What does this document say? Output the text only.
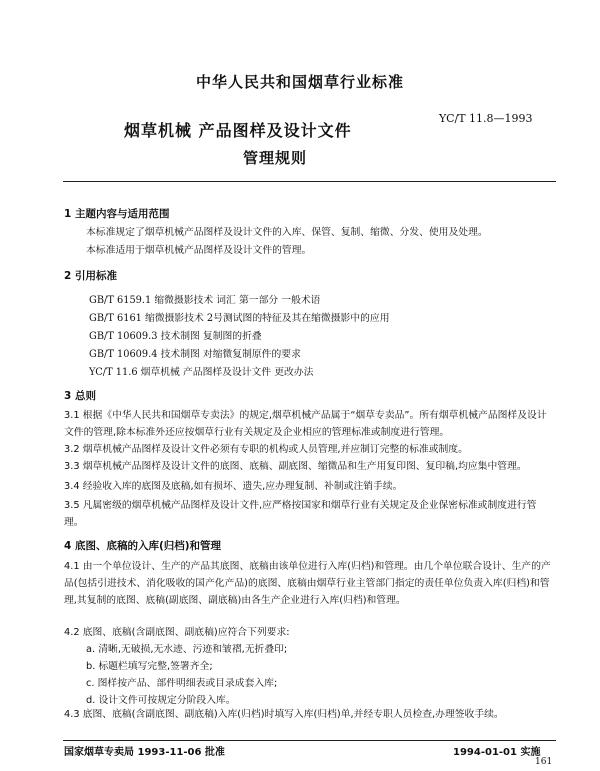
中华人民共和国烟草行业标准
烟草机械 产品图样及设计文件
YC/T 11.8—1993
管理规则
1 主题内容与适用范围
本标准规定了烟草机械产品图样及设计文件的入库、保管、复制、缩微、分发、使用及处理。
本标准适用于烟草机械产品图样及设计文件的管理。
2 引用标准
GB/T 6159.1 缩微摄影技术 词汇 第一部分 一般术语
GB/T 6161 缩微摄影技术 2号测试图的特征及其在缩微摄影中的应用
GB/T 10609.3 技术制图 复制图的折叠
GB/T 10609.4 技术制图 对缩微复制原件的要求
YC/T 11.6 烟草机械 产品图样及设计文件 更改办法
3 总则
3.1 根据《中华人民共和国烟草专卖法》的规定,烟草机械产品属于“烟草专卖品”。所有烟草机械产品图样及设计文件的管理,除本标准外还应按烟草行业有关规定及企业相应的管理标准或制度进行管理。
3.2 烟草机械产品图样及设计文件必须有专职的机构或人员管理,并应制订完整的标准或制度。
3.3 烟草机械产品图样及设计文件的底图、底稿、副底图、缩微品和生产用复印图、复印稿,均应集中管理。
3.4 经验收入库的底图及底稿,如有损坏、遗失,应办理复制、补制或注销手续。
3.5 凡属密级的烟草机械产品图样及设计文件,应严格按国家和烟草行业有关规定及企业保密标准或制度进行管理。
4 底图、底稿的入库(归档)和管理
4.1 由一个单位设计、生产的产品其底图、底稿由该单位进行入库(归档)和管理。由几个单位联合设计、生产的产品(包括引进技术、消化吸收的国产化产品)的底图、底稿由烟草行业主管部门指定的责任单位负责入库(归档)和管理,其复制的底图、底稿(副底图、副底稿)由各生产企业进行入库(归档)和管理。
4.2 底图、底稿(含副底图、副底稿)应符合下列要求:
a. 清晰,无破损,无水迹、污迹和皱褶,无折叠印;
b. 标题栏填写完整,签署齐全;
c. 图样按产品、部件明细表或目录成套入库;
d. 设计文件可按规定分阶段入库。
4.3 底图、底稿(含副底图、副底稿)入库(归档)时填写入库(归档)单,并经专职人员检查,办理签收手续。
国家烟草专卖局 1993-11-06 批准	1994-01-01 实施
161
